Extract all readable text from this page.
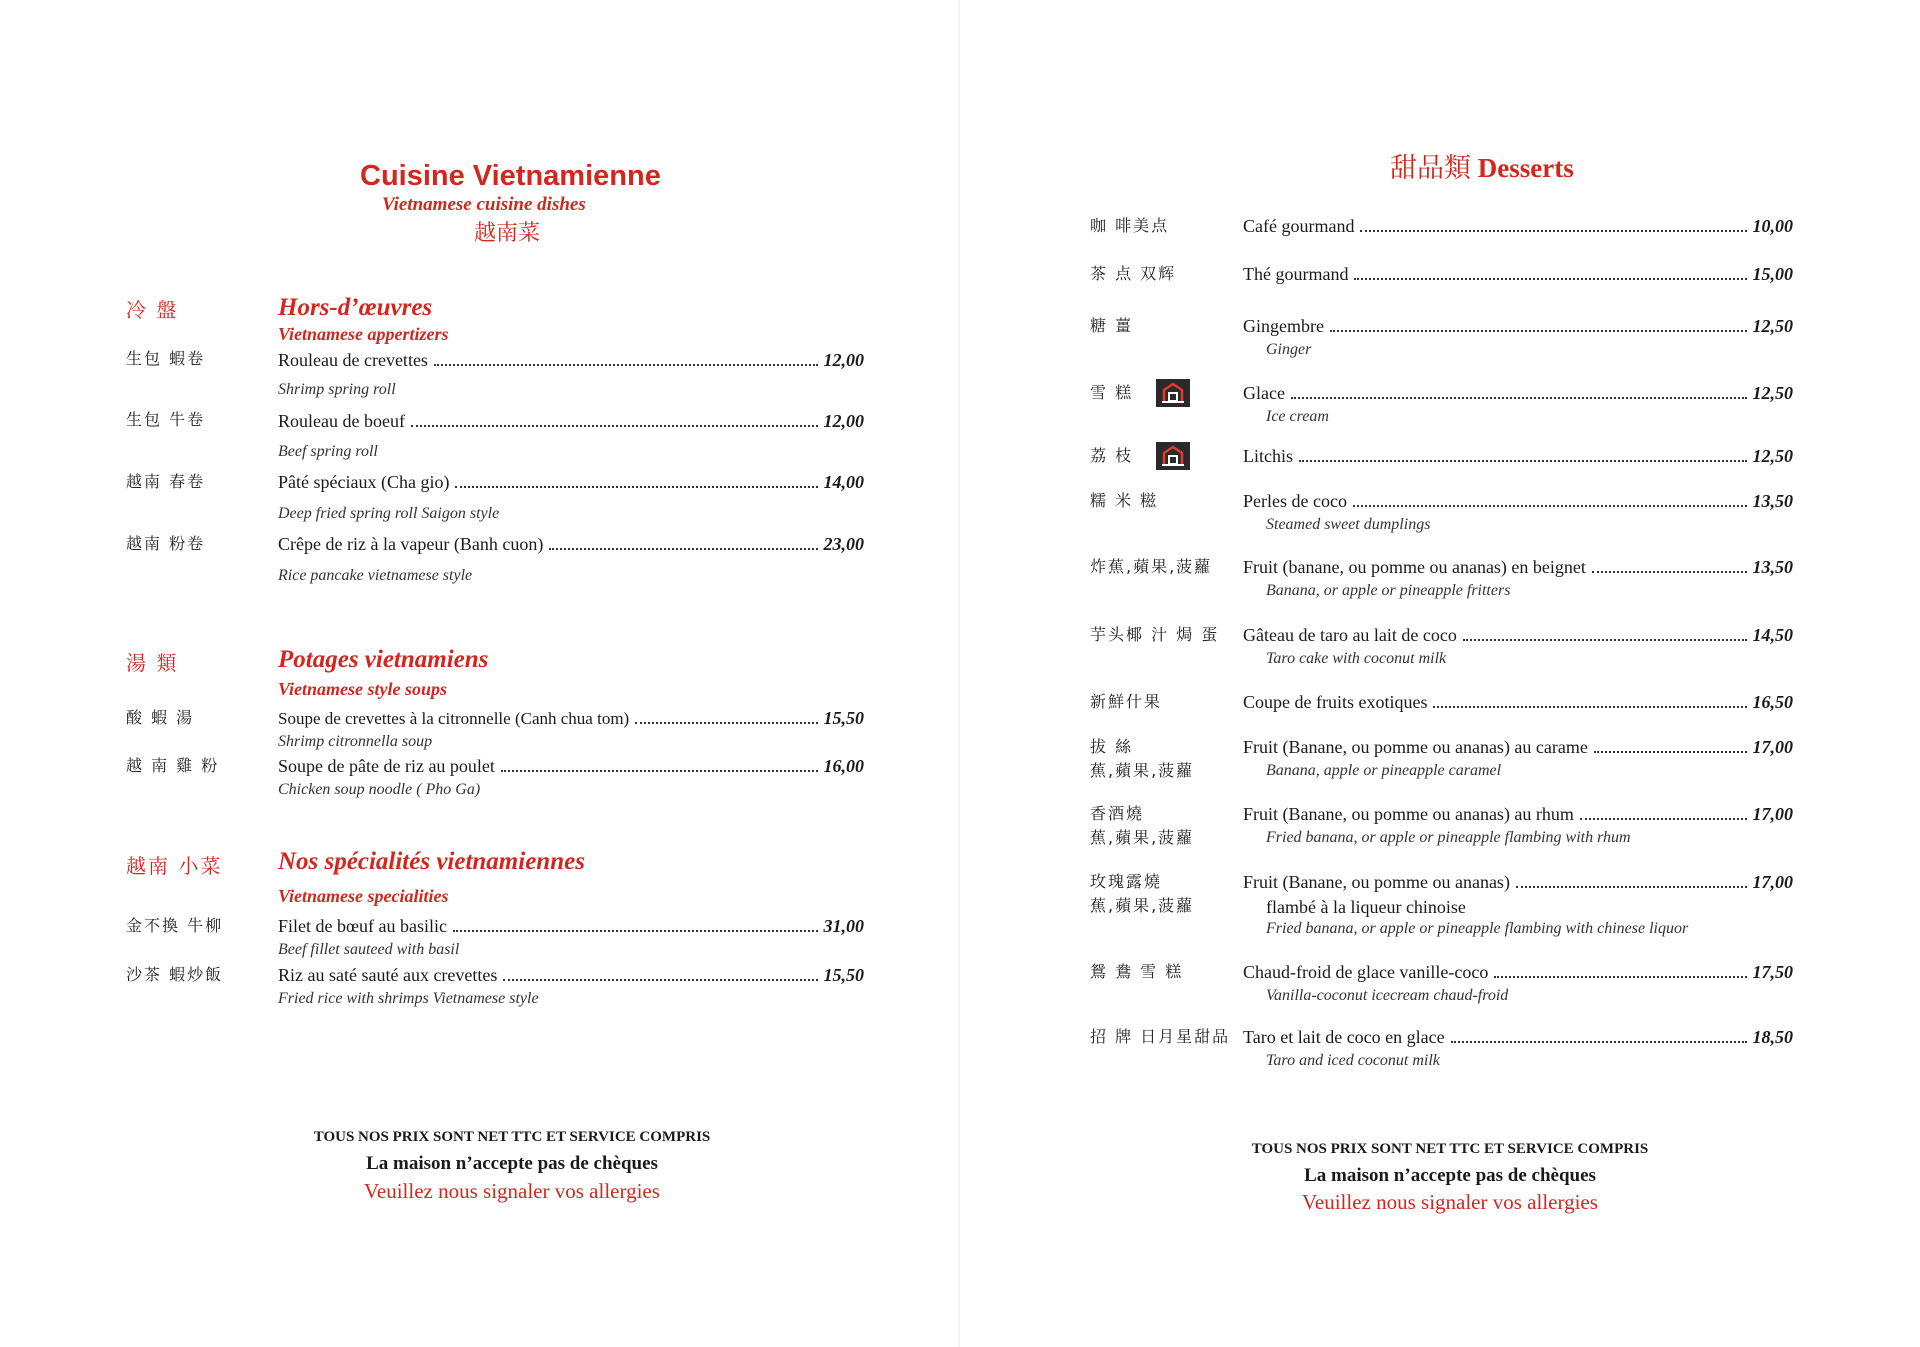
Cuisine Vietnamienne
Vietnamese cuisine dishes
越南菜
冷 盤	Hors-d’œuvres
Vietnamese appertizers
生包 蝦卷	Rouleau de crevettes	12,00
Shrimp spring roll
生包 牛卷	Rouleau de boeuf	12,00
Beef spring roll
越南 春卷	Pâté spéciaux (Cha gio)	14,00
Deep fried spring roll Saigon style
越南 粉卷	Crêpe de riz à la vapeur (Banh cuon)	23,00
Rice pancake vietnamese style
湯 類	Potages vietnamiens
Vietnamese style soups
酸 蝦 湯	Soupe de crevettes à la citronnelle (Canh chua tom)	15,50
Shrimp citronnella soup
越 南 雞 粉	Soupe de pâte de riz au poulet	16,00
Chicken soup noodle ( Pho Ga)
越南 小菜 Nos spécialités vietnamiennes
Vietnamese specialities
金不換 牛柳	Filet de bœuf au basilic	31,00
Beef fillet sauteed with basil
沙茶 蝦炒飯	Riz au saté sauté aux crevettes	15,50
Fried rice with shrimps Vietnamese style
TOUS NOS PRIX SONT NET TTC ET SERVICE COMPRIS
La maison n’accepte pas de chèques
Veuillez nous signaler vos allergies
甜品類 Desserts
咖 啡美点	Café gourmand	10,00
茶 点 双辉	Thé gourmand	15,00
糖 薑	Gingembre	12,50
Ginger
雪 糕	Glace	12,50
Ice cream
荔 枝	Litchis	12,50
糯 米 糍	Perles de coco	13,50
Steamed sweet dumplings
炸蕉,蘋果,菠蘿 Fruit (banane, ou pomme ou ananas) en beignet	13,50
Banana, or apple or pineapple fritters
芋头椰 汁 焗 蛋 Gâteau de taro au lait de coco	14,50
Taro cake with coconut milk
新鮮什果	Coupe de fruits exotiques	16,50
拔 絲
蕉,蘋果,菠蘿
Fruit (Banane, ou pomme ou ananas) au carame	17,00
Banana, apple or pineapple caramel
香酒燒
蕉,蘋果,菠蘿
Fruit (Banane, ou pomme ou ananas) au rhum	17,00
Fried banana, or apple or pineapple flambing with rhum
玫瑰露燒
蕉,蘋果,菠蘿
Fruit (Banane, ou pomme ou ananas)	17,00
flambé à la liqueur chinoise
Fried banana, or apple or pineapple flambing with chinese liquor
鴛 鴦 雪 糕	Chaud-froid de glace vanille-coco	17,50
Vanilla-coconut icecream chaud-froid
招 牌 日月星甜品 Taro et lait de coco en glace	18,50
Taro and iced coconut milk
TOUS NOS PRIX SONT NET TTC ET SERVICE COMPRIS
La maison n’accepte pas de chèques
Veuillez nous signaler vos allergies
